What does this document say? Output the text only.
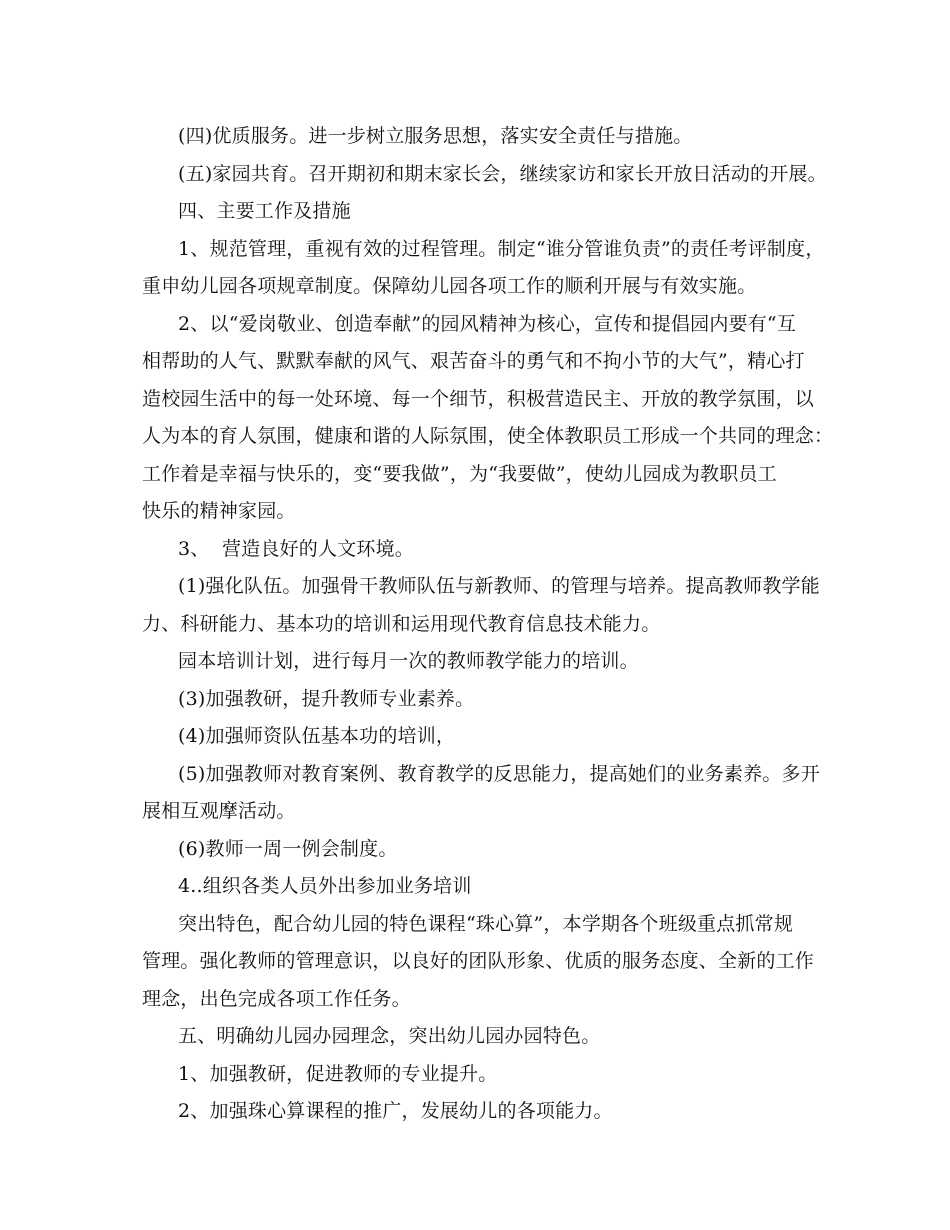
(四)优质服务。进一步树立服务思想，落实安全责任与措施。
(五)家园共育。召开期初和期末家长会，继续家访和家长开放日活动的开展。
四、主要工作及措施
1、规范管理，重视有效的过程管理。制定“谁分管谁负责”的责任考评制度，
重申幼儿园各项规章制度。保障幼儿园各项工作的顺利开展与有效实施。
2、以“爱岗敬业、创造奉献”的园风精神为核心，宣传和提倡园内要有“互
相帮助的人气、默默奉献的风气、艰苦奋斗的勇气和不拘小节的大气”，精心打
造校园生活中的每一处环境、每一个细节，积极营造民主、开放的教学氛围，以
人为本的育人氛围，健康和谐的人际氛围，使全体教职员工形成一个共同的理念：
工作着是幸福与快乐的，变“要我做”，为“我要做”，使幼儿园成为教职员工
快乐的精神家园。
3、  营造良好的人文环境。
(1)强化队伍。加强骨干教师队伍与新教师、的管理与培养。提高教师教学能
力、科研能力、基本功的培训和运用现代教育信息技术能力。
园本培训计划，进行每月一次的教师教学能力的培训。
(3)加强教研，提升教师专业素养。
(4)加强师资队伍基本功的培训，
(5)加强教师对教育案例、教育教学的反思能力，提高她们的业务素养。多开
展相互观摩活动。
(6)教师一周一例会制度。
4..组织各类人员外出参加业务培训
突出特色，配合幼儿园的特色课程“珠心算”，本学期各个班级重点抓常规
管理。强化教师的管理意识，以良好的团队形象、优质的服务态度、全新的工作
理念，出色完成各项工作任务。
五、明确幼儿园办园理念，突出幼儿园办园特色。
1、加强教研，促进教师的专业提升。
2、加强珠心算课程的推广，发展幼儿的各项能力。
